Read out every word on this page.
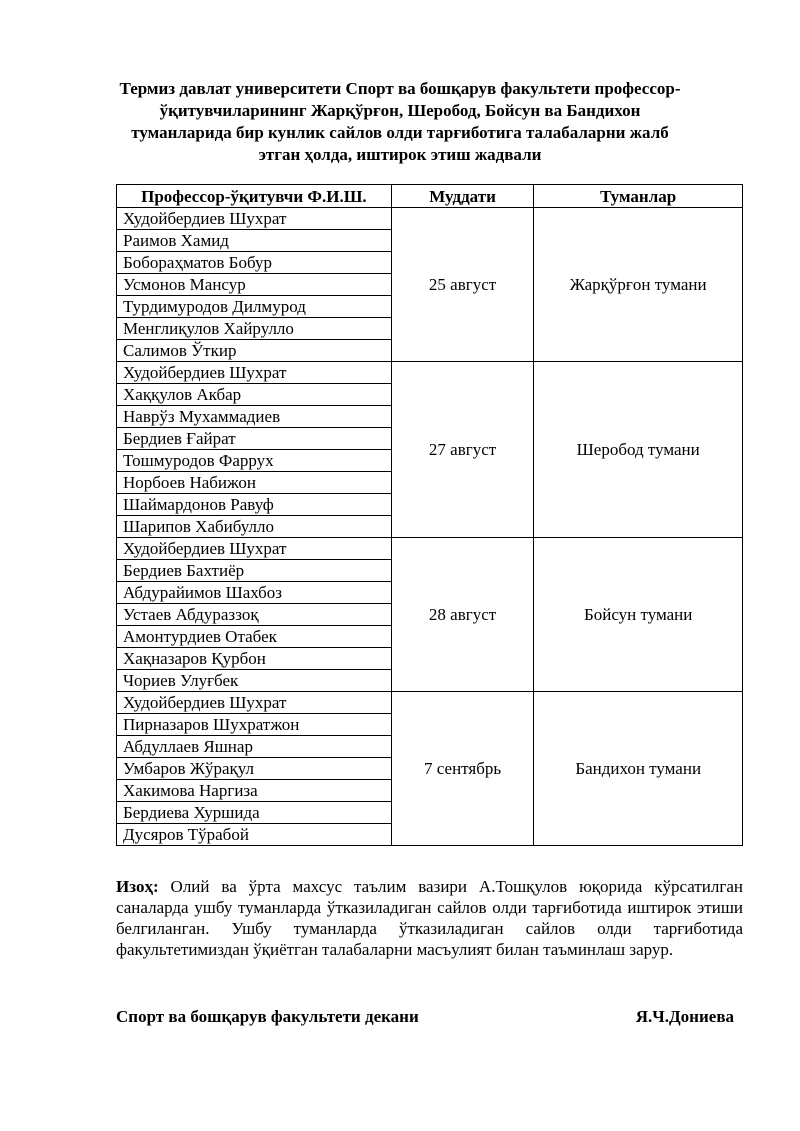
Термиз давлат университети Спорт ва бошқарув факультети профессор-
ўқитувчиларининг Жарқўрғон, Шеробод, Бойсун ва Бандихон
туманларида бир кунлик сайлов олди тарғиботига талабаларни жалб
этган ҳолда, иштирок этиш жадвали
Профессор-ўқитувчи Ф.И.Ш.	Муддати	Туманлар
Худойбердиев Шухрат	25 август	Жарқўрғон тумани
Раимов Хамид		
Бобораҳматов Бобур		
Усмонов Мансур		
Турдимуродов Дилмурод		
Менглиқулов Хайрулло		
Салимов Ўткир		
Худойбердиев Шухрат	27 август	Шеробод тумани
Хаққулов Акбар		
Наврўз Мухаммадиев		
Бердиев Ғайрат		
Тошмуродов Фаррух		
Норбоев Набижон		
Шаймардонов Равуф		
Шарипов Хабибулло		
Худойбердиев Шухрат	28 август	Бойсун тумани
Бердиев Бахтиёр		
Абдурайимов Шахбоз		
Устаев Абдураззоқ		
Амонтурдиев Отабек		
Хақназаров Қурбон		
Чориев Улуғбек		
Худойбердиев Шухрат	7 сентябрь	Бандихон тумани
Пирназаров Шухратжон		
Абдуллаев Яшнар		
Умбаров Жўрақул		
Хакимова Наргиза		
Бердиева Хуршида		
Дусяров Тўрабой		
Изоҳ: Олий ва ўрта махсус таълим вазири А.Тошқулов юқорида кўрсатилган саналарда ушбу туманларда ўтказиладиган сайлов олди тарғиботида иштирок этиши белгиланган. Ушбу туманларда ўтказиладиган сайлов олди тарғиботида факультетимиздан ўқиётган талабаларни масъулият билан таъминлаш зарур.
Спорт ва бошқарув факультети декани	Я.Ч.Дониева
